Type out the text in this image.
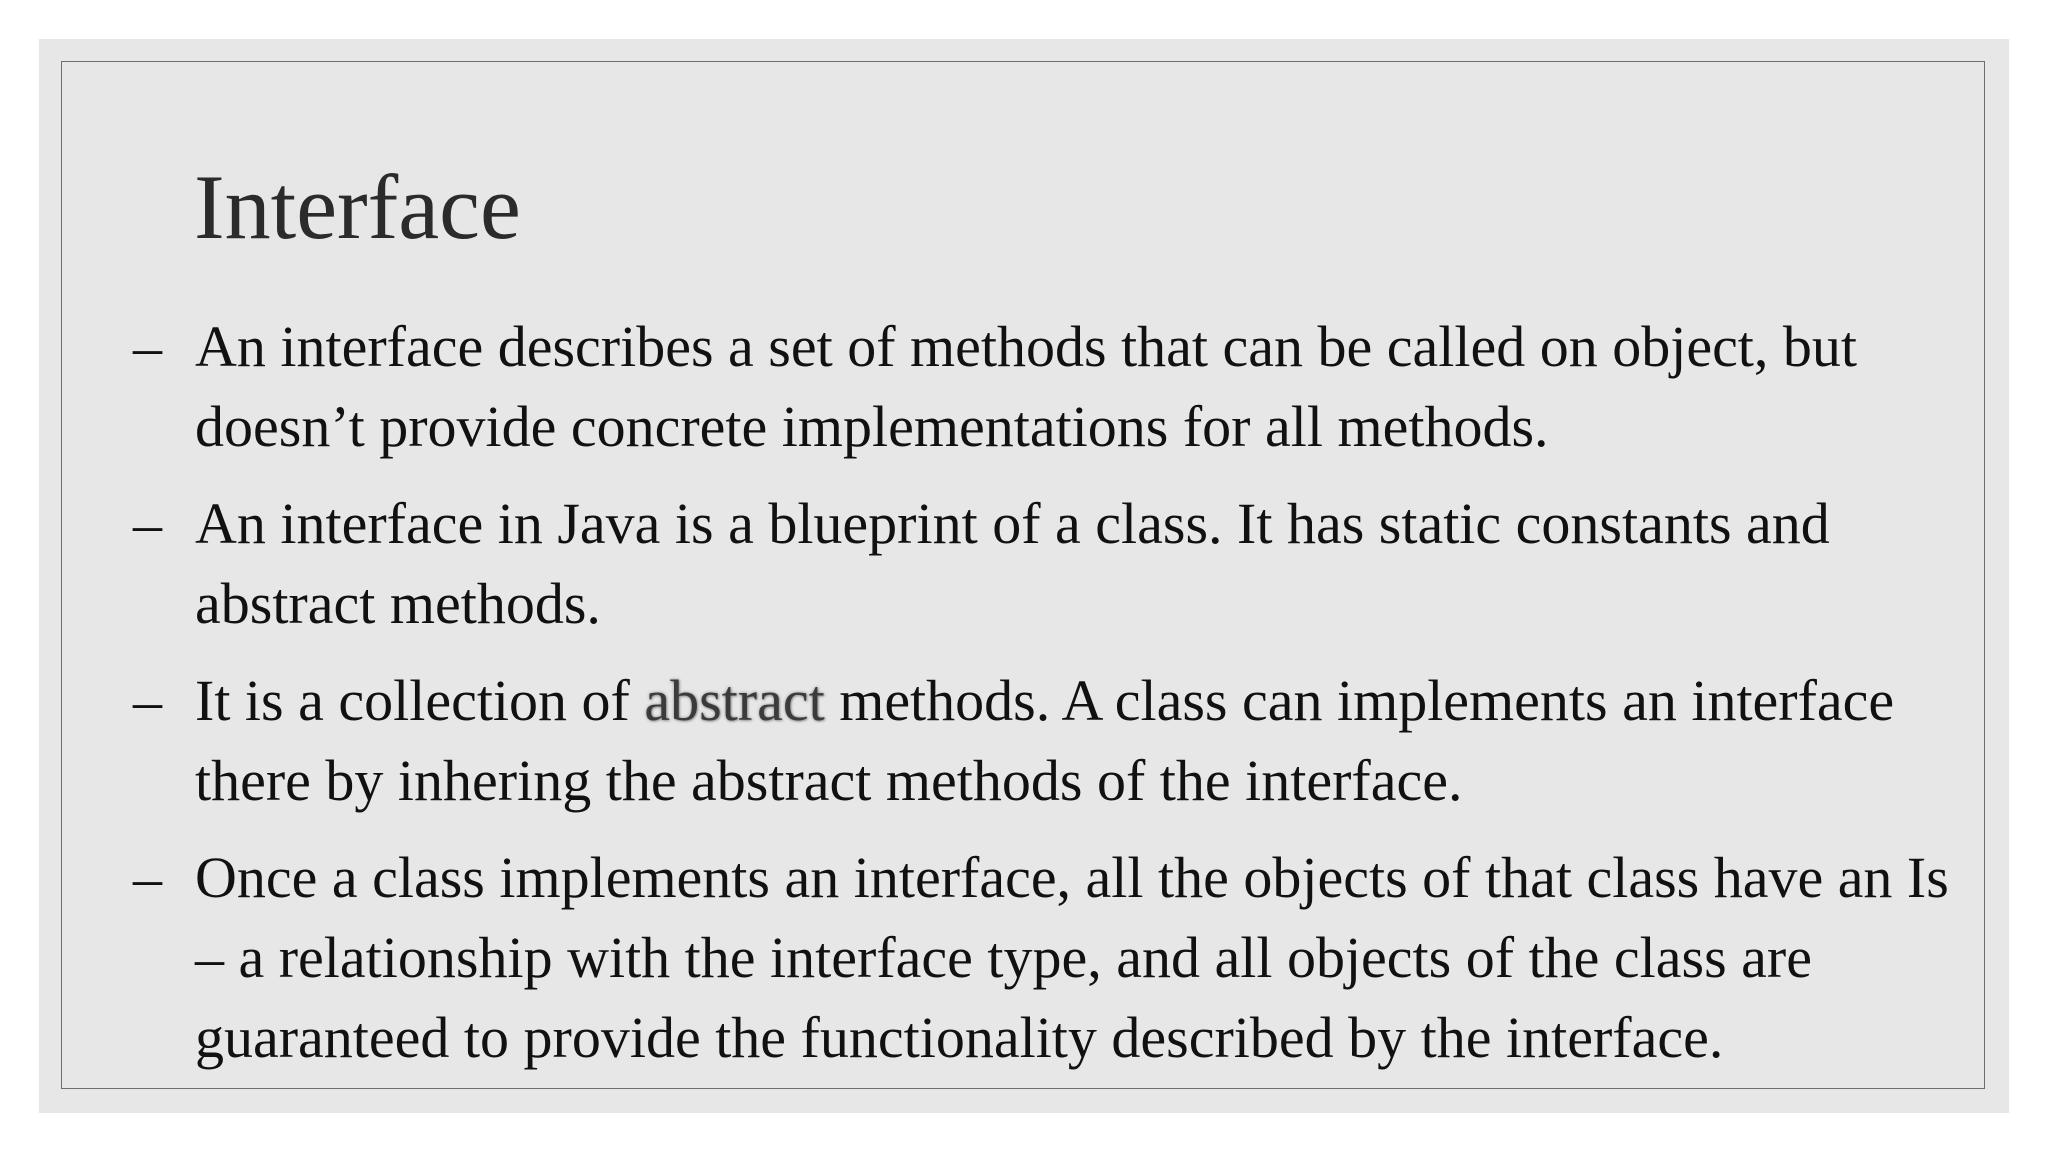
Interface
– An interface describes a set of methods that can be called on object, but doesn’t provide concrete implementations for all methods.
– An interface in Java is a blueprint of a class. It has static constants and abstract methods.
– It is a collection of abstract methods. A class can implements an interface there by inhering the abstract methods of the interface.
– Once a class implements an interface, all the objects of that class have an Is – a relationship with the interface type, and all objects of the class are guaranteed to provide the functionality described by the interface.
